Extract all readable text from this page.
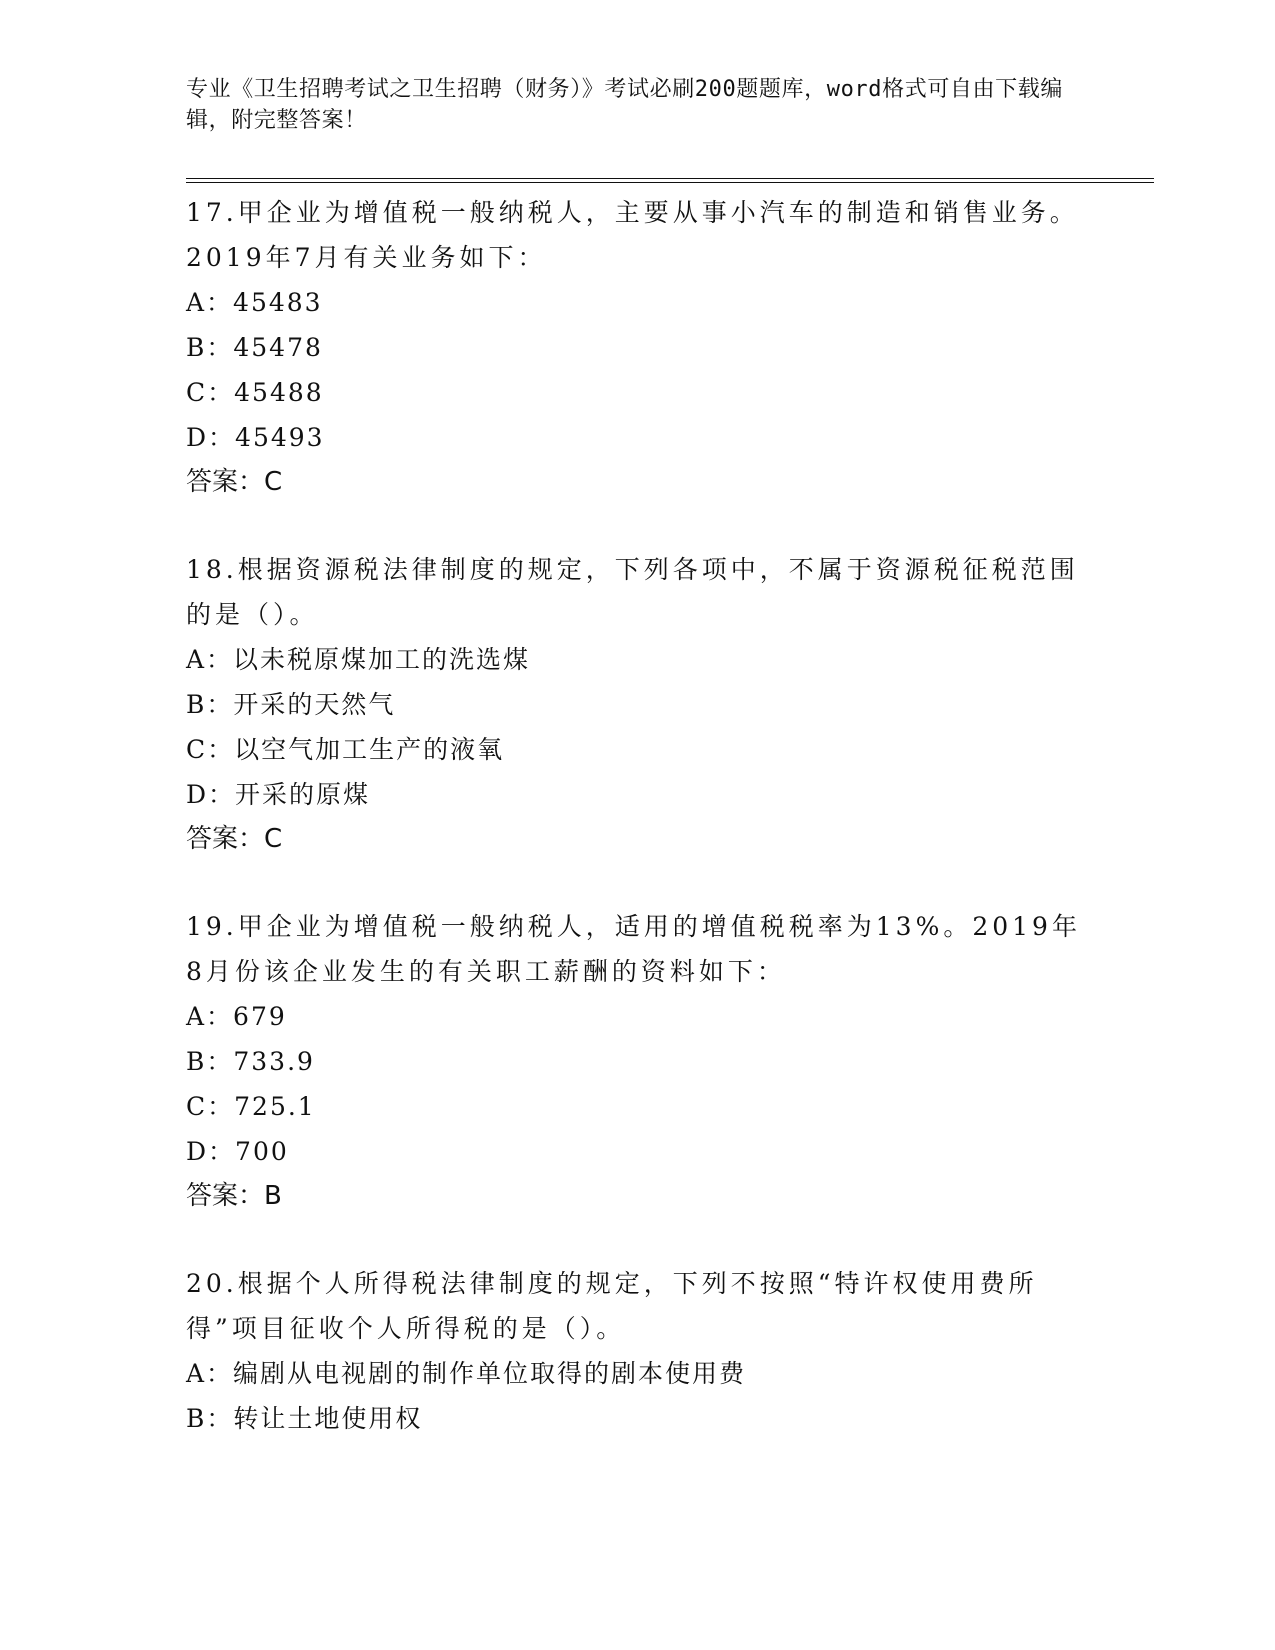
专业《卫生招聘考试之卫生招聘（财务）》考试必刷200题题库，word格式可自由下载编辑，附完整答案！

17.甲企业为增值税一般纳税人，主要从事小汽车的制造和销售业务。2019年7月有关业务如下：

A：45483

B：45478

C：45488

D：45493

答案：C

18.根据资源税法律制度的规定，下列各项中，不属于资源税征税范围的是（）。

A：以未税原煤加工的洗选煤

B：开采的天然气

C：以空气加工生产的液氧

D：开采的原煤

答案：C

19.甲企业为增值税一般纳税人，适用的增值税税率为13%。2019年8月份该企业发生的有关职工薪酬的资料如下：

A：679

B：733.9

C：725.1

D：700

答案：B

20.根据个人所得税法律制度的规定，下列不按照“特许权使用费所得”项目征收个人所得税的是（）。

A：编剧从电视剧的制作单位取得的剧本使用费

B：转让土地使用权
